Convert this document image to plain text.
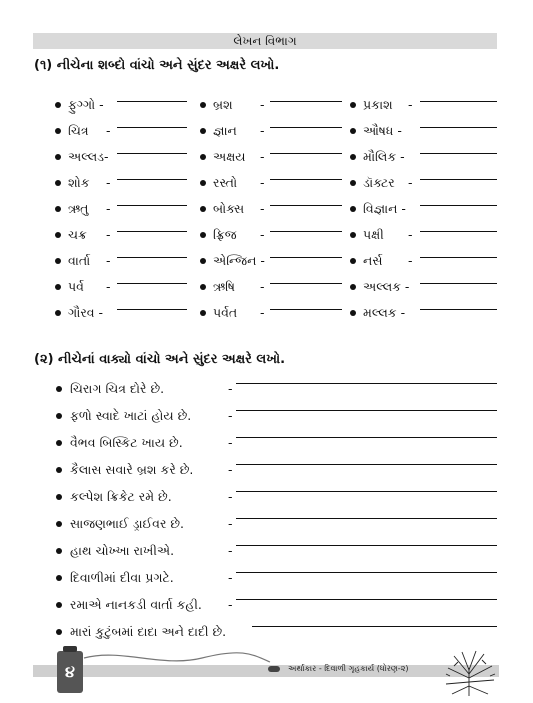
લેખન વિભાગ
(૧) નીચેના શબ્દો વાંચો અને સુંદર અક્ષરે લખો.
ફુગ્ગો -	બ્રશ -	પ્રકાશ -
ચિત્ર -	જ્ઞાન -	ઔષધ -
અલ્લડ-	અક્ષય -	મૌલિક -
શોક -	રસ્તો -	ડૉક્ટર -
ઋતુ -	બોક્સ -	વિજ્ઞાન -
ચક્ર -	ફ્રિજ -	પક્ષી -
વાર્તા -	એન્જિન -	નર્સ -
પર્વ -	ઋષિ -	અલ્લક -
ગૌરવ -	પર્વત -	મલ્લક -
(૨) નીચેનાં વાક્યો વાંચો અને સુંદર અક્ષરે લખો.
ચિરાગ ચિત્ર દોરે છે.	-
ફળો સ્વાદે ખાટાં હોય છે.	-
વૈભવ બિસ્કિટ ખાય છે.	-
કૈલાસ સવારે બ્રશ કરે છે.	-
કલ્પેશ ક્રિકેટ રમે છે.	-
સાજણભાઈ ડ્રાઈવર છે.	-
હાથ ચોખ્ખા રાખીએ.	-
દિવાળીમાં દીવા પ્રગટે.	-
રમાએ નાનકડી વાર્તા કહી. -
મારાં કુટુંબમાં દાદા અને દાદી છે.
૪	અર્થાકાર - દિવાળી ગૃહકાર્ય (ધોરણ-૨)
